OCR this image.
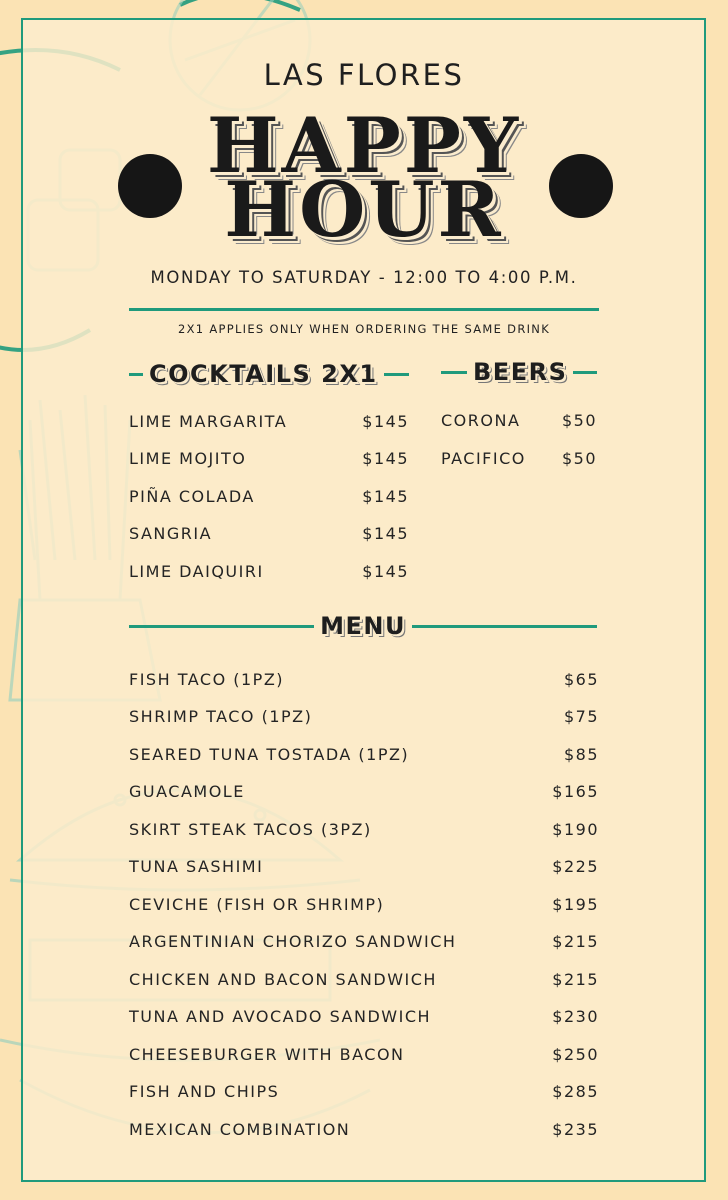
LAS FLORES
HAPPY
HOUR
MONDAY TO SATURDAY - 12:00 TO 4:00 P.M.
2X1 APPLIES ONLY WHEN ORDERING THE SAME DRINK
COCKTAILS 2X1
LIME MARGARITA	$145
LIME MOJITO	$145
PIÑA COLADA	$145
SANGRIA	$145
LIME DAIQUIRI	$145
BEERS
CORONA	$50
PACIFICO $50
MENU
FISH TACO (1PZ)	$65
SHRIMP TACO (1PZ)	$75
SEARED TUNA TOSTADA (1PZ)	$85
GUACAMOLE	$165
SKIRT STEAK TACOS (3PZ)	$190
TUNA SASHIMI	$225
CEVICHE (FISH OR SHRIMP)	$195
ARGENTINIAN CHORIZO SANDWICH	$215
CHICKEN AND BACON SANDWICH	$215
TUNA AND AVOCADO SANDWICH	$230
CHEESEBURGER WITH BACON	$250
FISH AND CHIPS	$285
MEXICAN COMBINATION	$235
